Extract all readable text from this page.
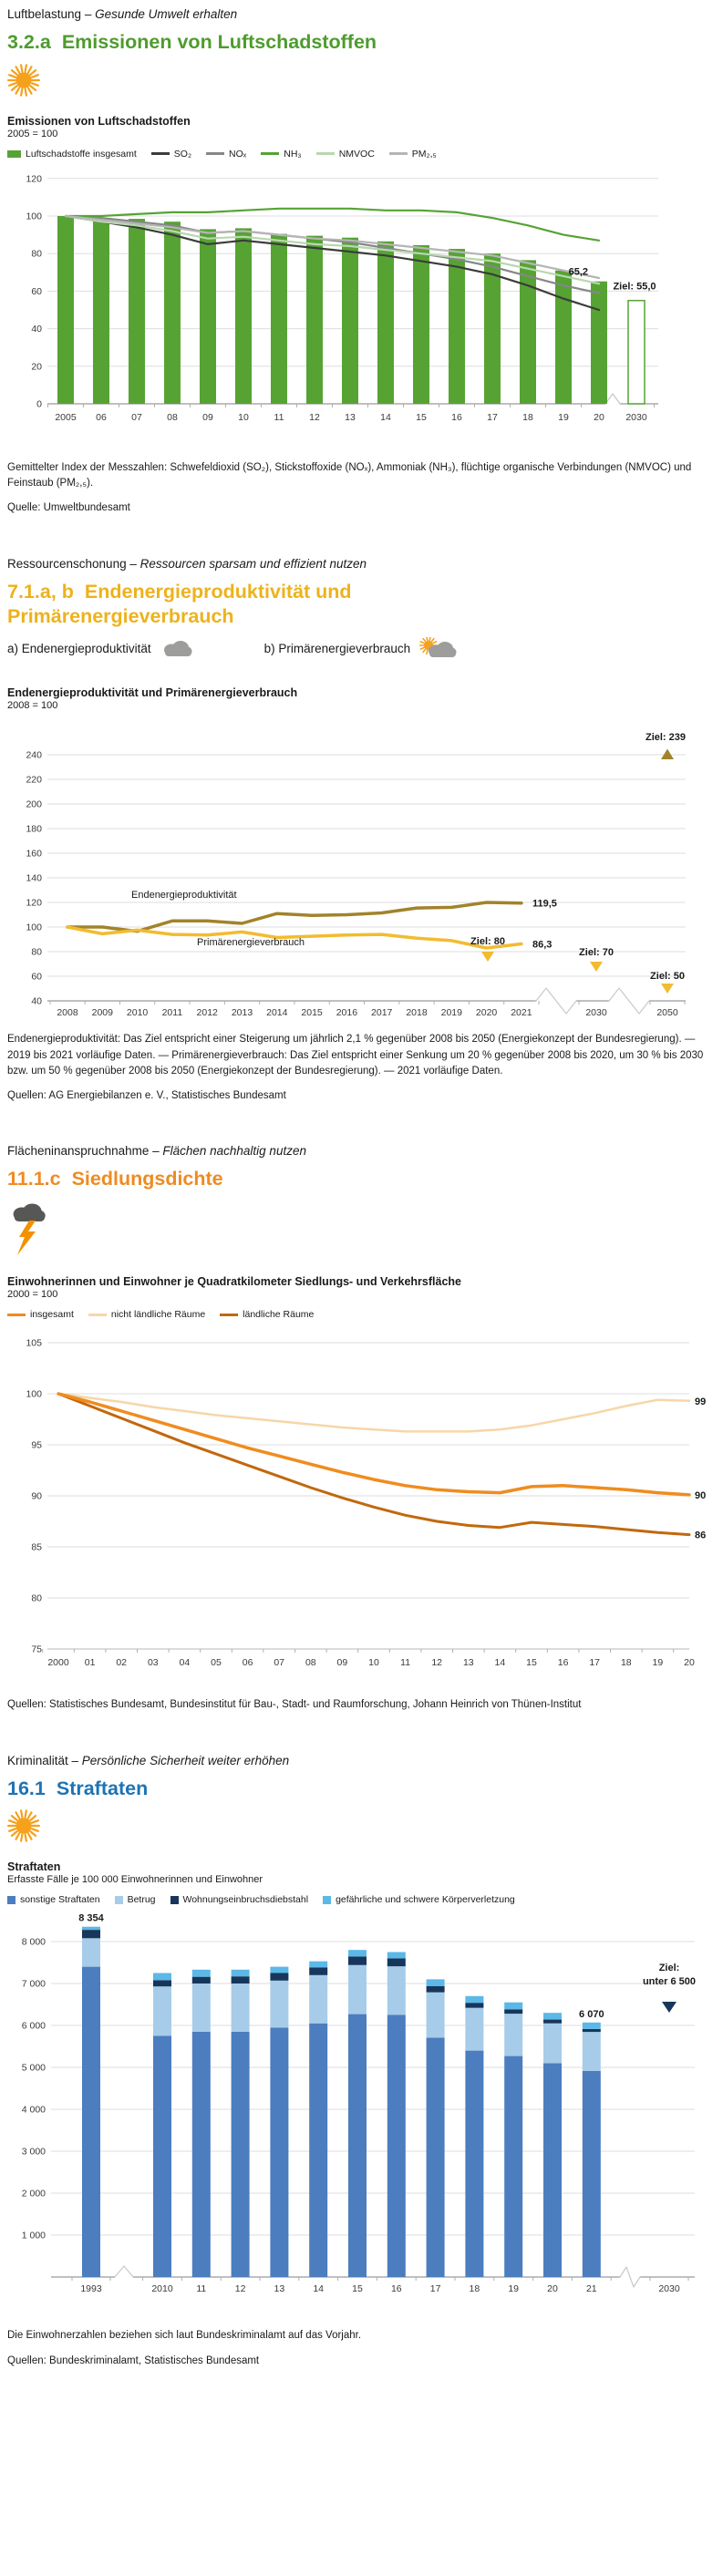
Luftbelastung – Gesunde Umwelt erhalten

3.2.a Emissionen von Luftschadstoffen
Emissionen von Luftschadstoffen
2005 = 100
Luftschadstoffe insgesamt	SO₂	NOₓ	NH₃	NMVOC	PM₂,₅
0
20
40
60
80
100
120
65,2
Ziel: 55,0
2005 06	07	08	09	10	11	12	13	14	15	16	17	18	19	20 2030

Gemittelter Index der Messzahlen: Schwefeldioxid (SO₂), Stickstoffoxide (NOₓ), Ammoniak (NH₃), flüchtige organische Verbindungen (NMVOC) und Feinstaub (PM₂,₅).

Quelle: Umweltbundesamt

Ressourcenschonung – Ressourcen sparsam und effizient nutzen

7.1.a, b Endenergieproduktivität und Primärenergieverbrauch
a) Endenergieproduktivität	b) Primärenergieverbrauch
Endenergieproduktivität und Primärenergieverbrauch
2008 = 100
40
60
80
100
120
140
160
180
200
220
240
Endenergieproduktivität
Primärenergieverbrauch
119,5
86,3
Ziel: 239
Ziel: 80
Ziel: 70
Ziel: 50
2008 2009 2010 2011 2012 2013 2014 2015 2016 2017 2018 2019 2020 2021	2030	2050

Endenergieproduktivität: Das Ziel entspricht einer Steigerung um jährlich 2,1 % gegenüber 2008 bis 2050 (Energiekonzept der Bundesregierung). — 2019 bis 2021 vorläufige Daten. — Primärenergieverbrauch: Das Ziel entspricht einer Senkung um 20 % gegenüber 2008 bis 2020, um 30 % bis 2030 bzw. um 50 % gegenüber 2008 bis 2050 (Energiekonzept der Bundesregierung). — 2021 vorläufige Daten.

Quellen: AG Energiebilanzen e. V., Statistisches Bundesamt

Flächeninanspruchnahme – Flächen nachhaltig nutzen

11.1.c Siedlungsdichte
Einwohnerinnen und Einwohner je Quadratkilometer Siedlungs- und Verkehrsfläche
2000 = 100
insgesamt	nicht ländliche Räume	ländliche Räume
105
100
95
90
85
80
75
90
99
86
2000 01 02 03 04 05 06 07 08 09 10 11 12 13 14 15 16 17 18 19 20

Quellen: Statistisches Bundesamt, Bundesinstitut für Bau-, Stadt- und Raumforschung, Johann Heinrich von Thünen-Institut

Kriminalität – Persönliche Sicherheit weiter erhöhen

16.1 Straftaten
Straftaten
Erfasste Fälle je 100 000 Einwohnerinnen und Einwohner
sonstige Straftaten	Betrug	Wohnungseinbruchsdiebstahl	gefährliche und schwere Körperverletzung
1 000
2 000
3 000
4 000
5 000
6 000
7 000
8 000
8 354
6 070
Ziel:
unter 6 500
1993	2010 11	12	13	14	15	16	17	18	19	20	21	2030

Die Einwohnerzahlen beziehen sich laut Bundeskriminalamt auf das Vorjahr.

Quellen: Bundeskriminalamt, Statistisches Bundesamt
